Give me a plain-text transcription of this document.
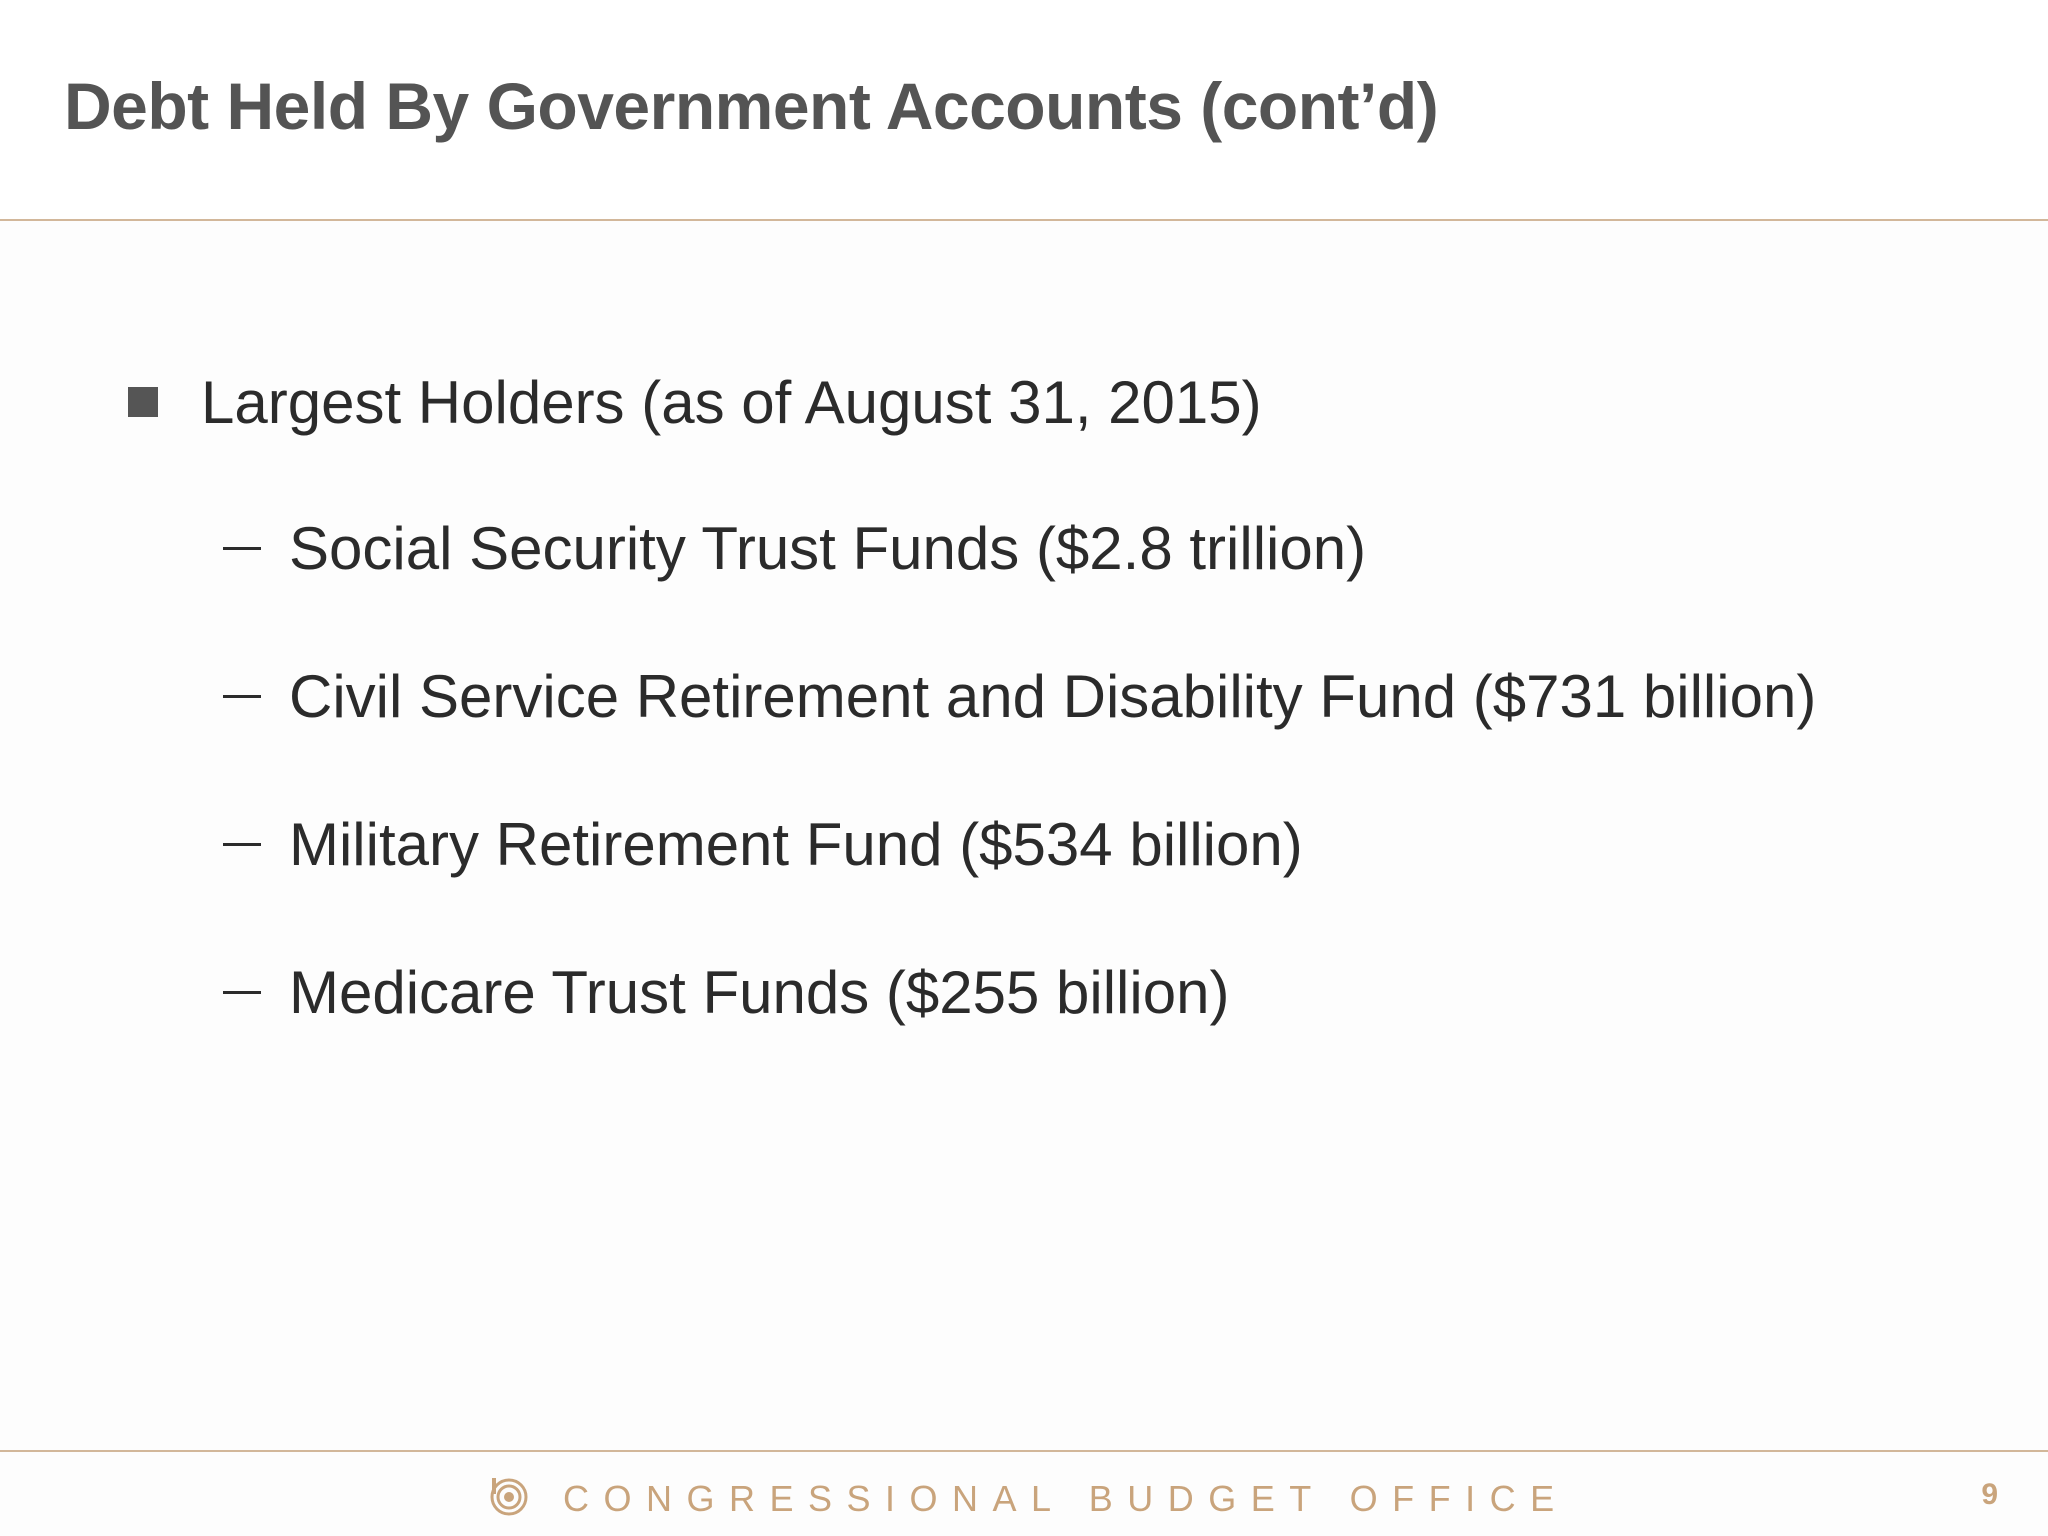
Debt Held By Government Accounts (cont’d)
Largest Holders (as of August 31, 2015)
Social Security Trust Funds ($2.8 trillion)
Civil Service Retirement and Disability Fund ($731 billion)
Military Retirement Fund ($534 billion)
Medicare Trust Funds ($255 billion)
CONGRESSIONAL BUDGET OFFICE	9
